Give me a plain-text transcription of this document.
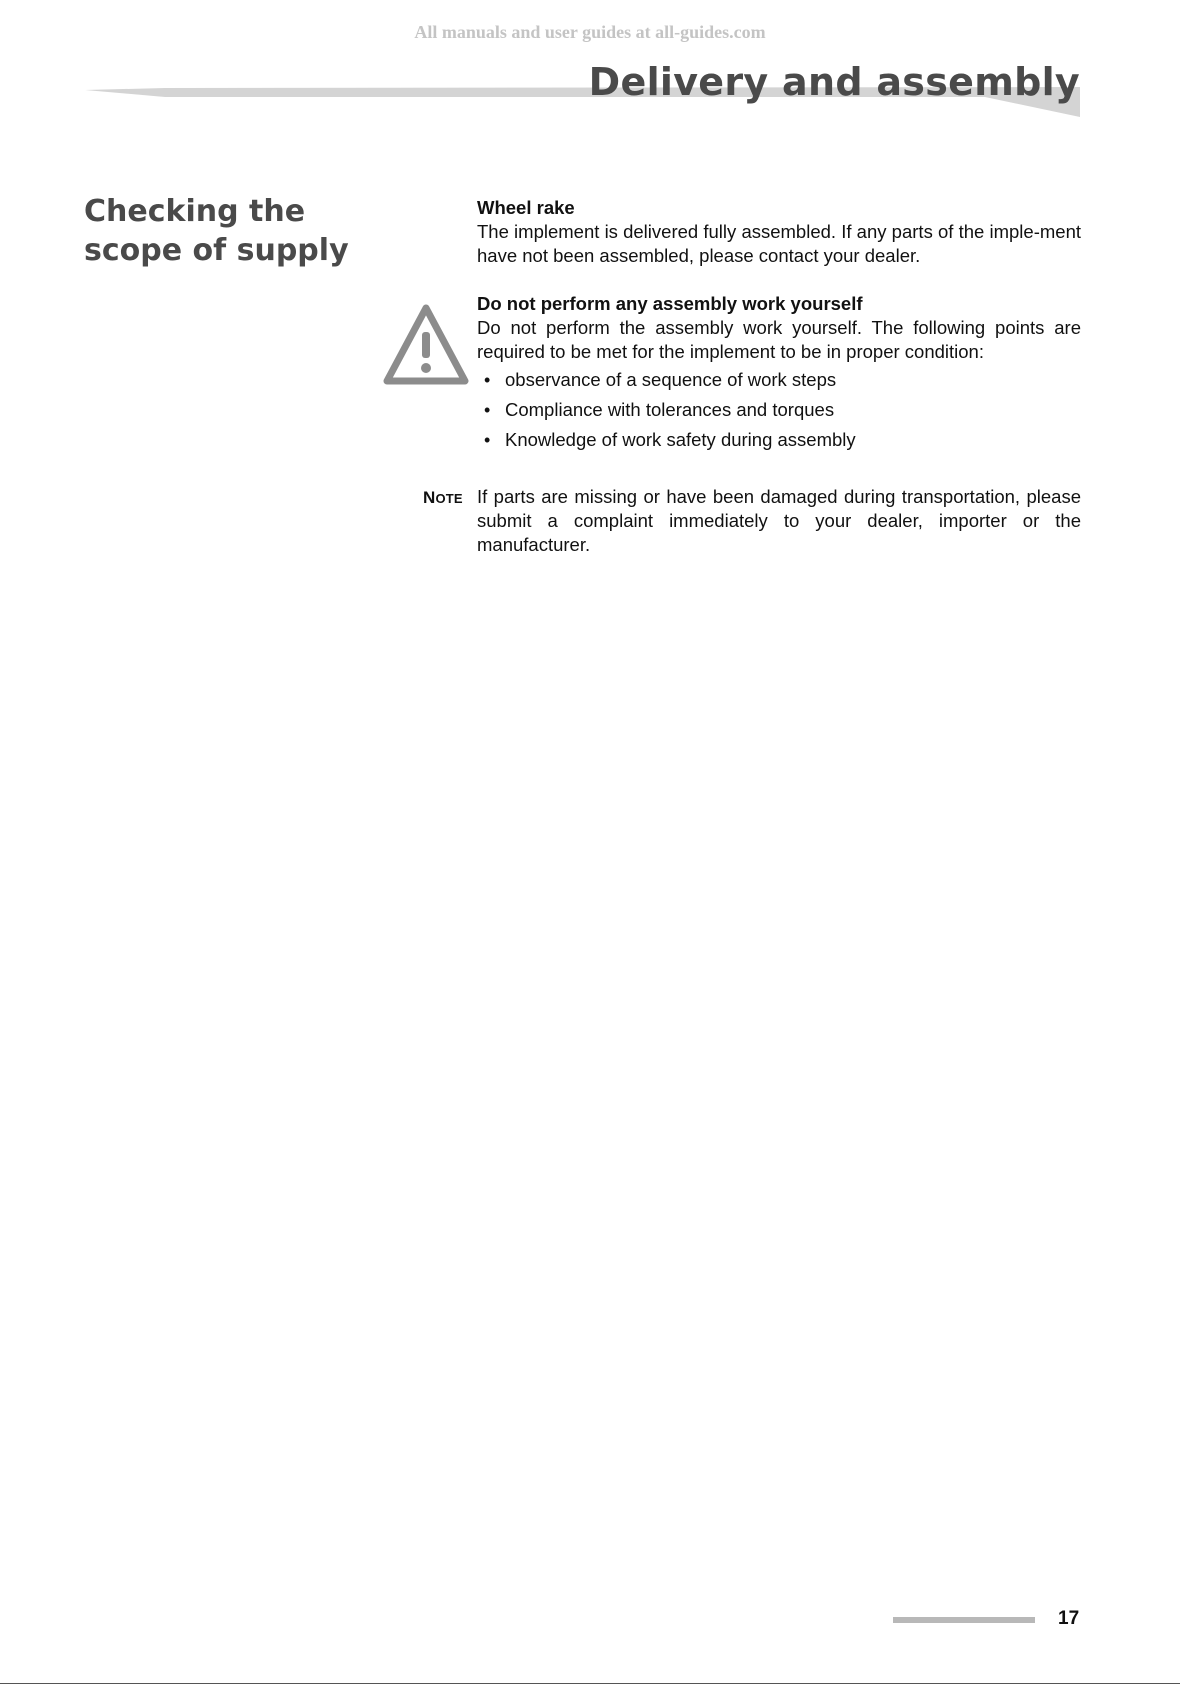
All manuals and user guides at all-guides.com
Delivery and assembly
Checking the
scope of supply

Wheel rake

The implement is delivered fully assembled. If any parts of the imple-ment have not been assembled, please contact your dealer.

Do not perform any assembly work yourself

Do not perform the assembly work yourself. The following points are required to be met for the implement to be in proper condition:

• observance of a sequence of work steps
• Compliance with tolerances and torques
• Knowledge of work safety during assembly
NOTE If parts are missing or have been damaged during transportation, please submit a complaint immediately to your dealer, importer or the manufacturer.
17
